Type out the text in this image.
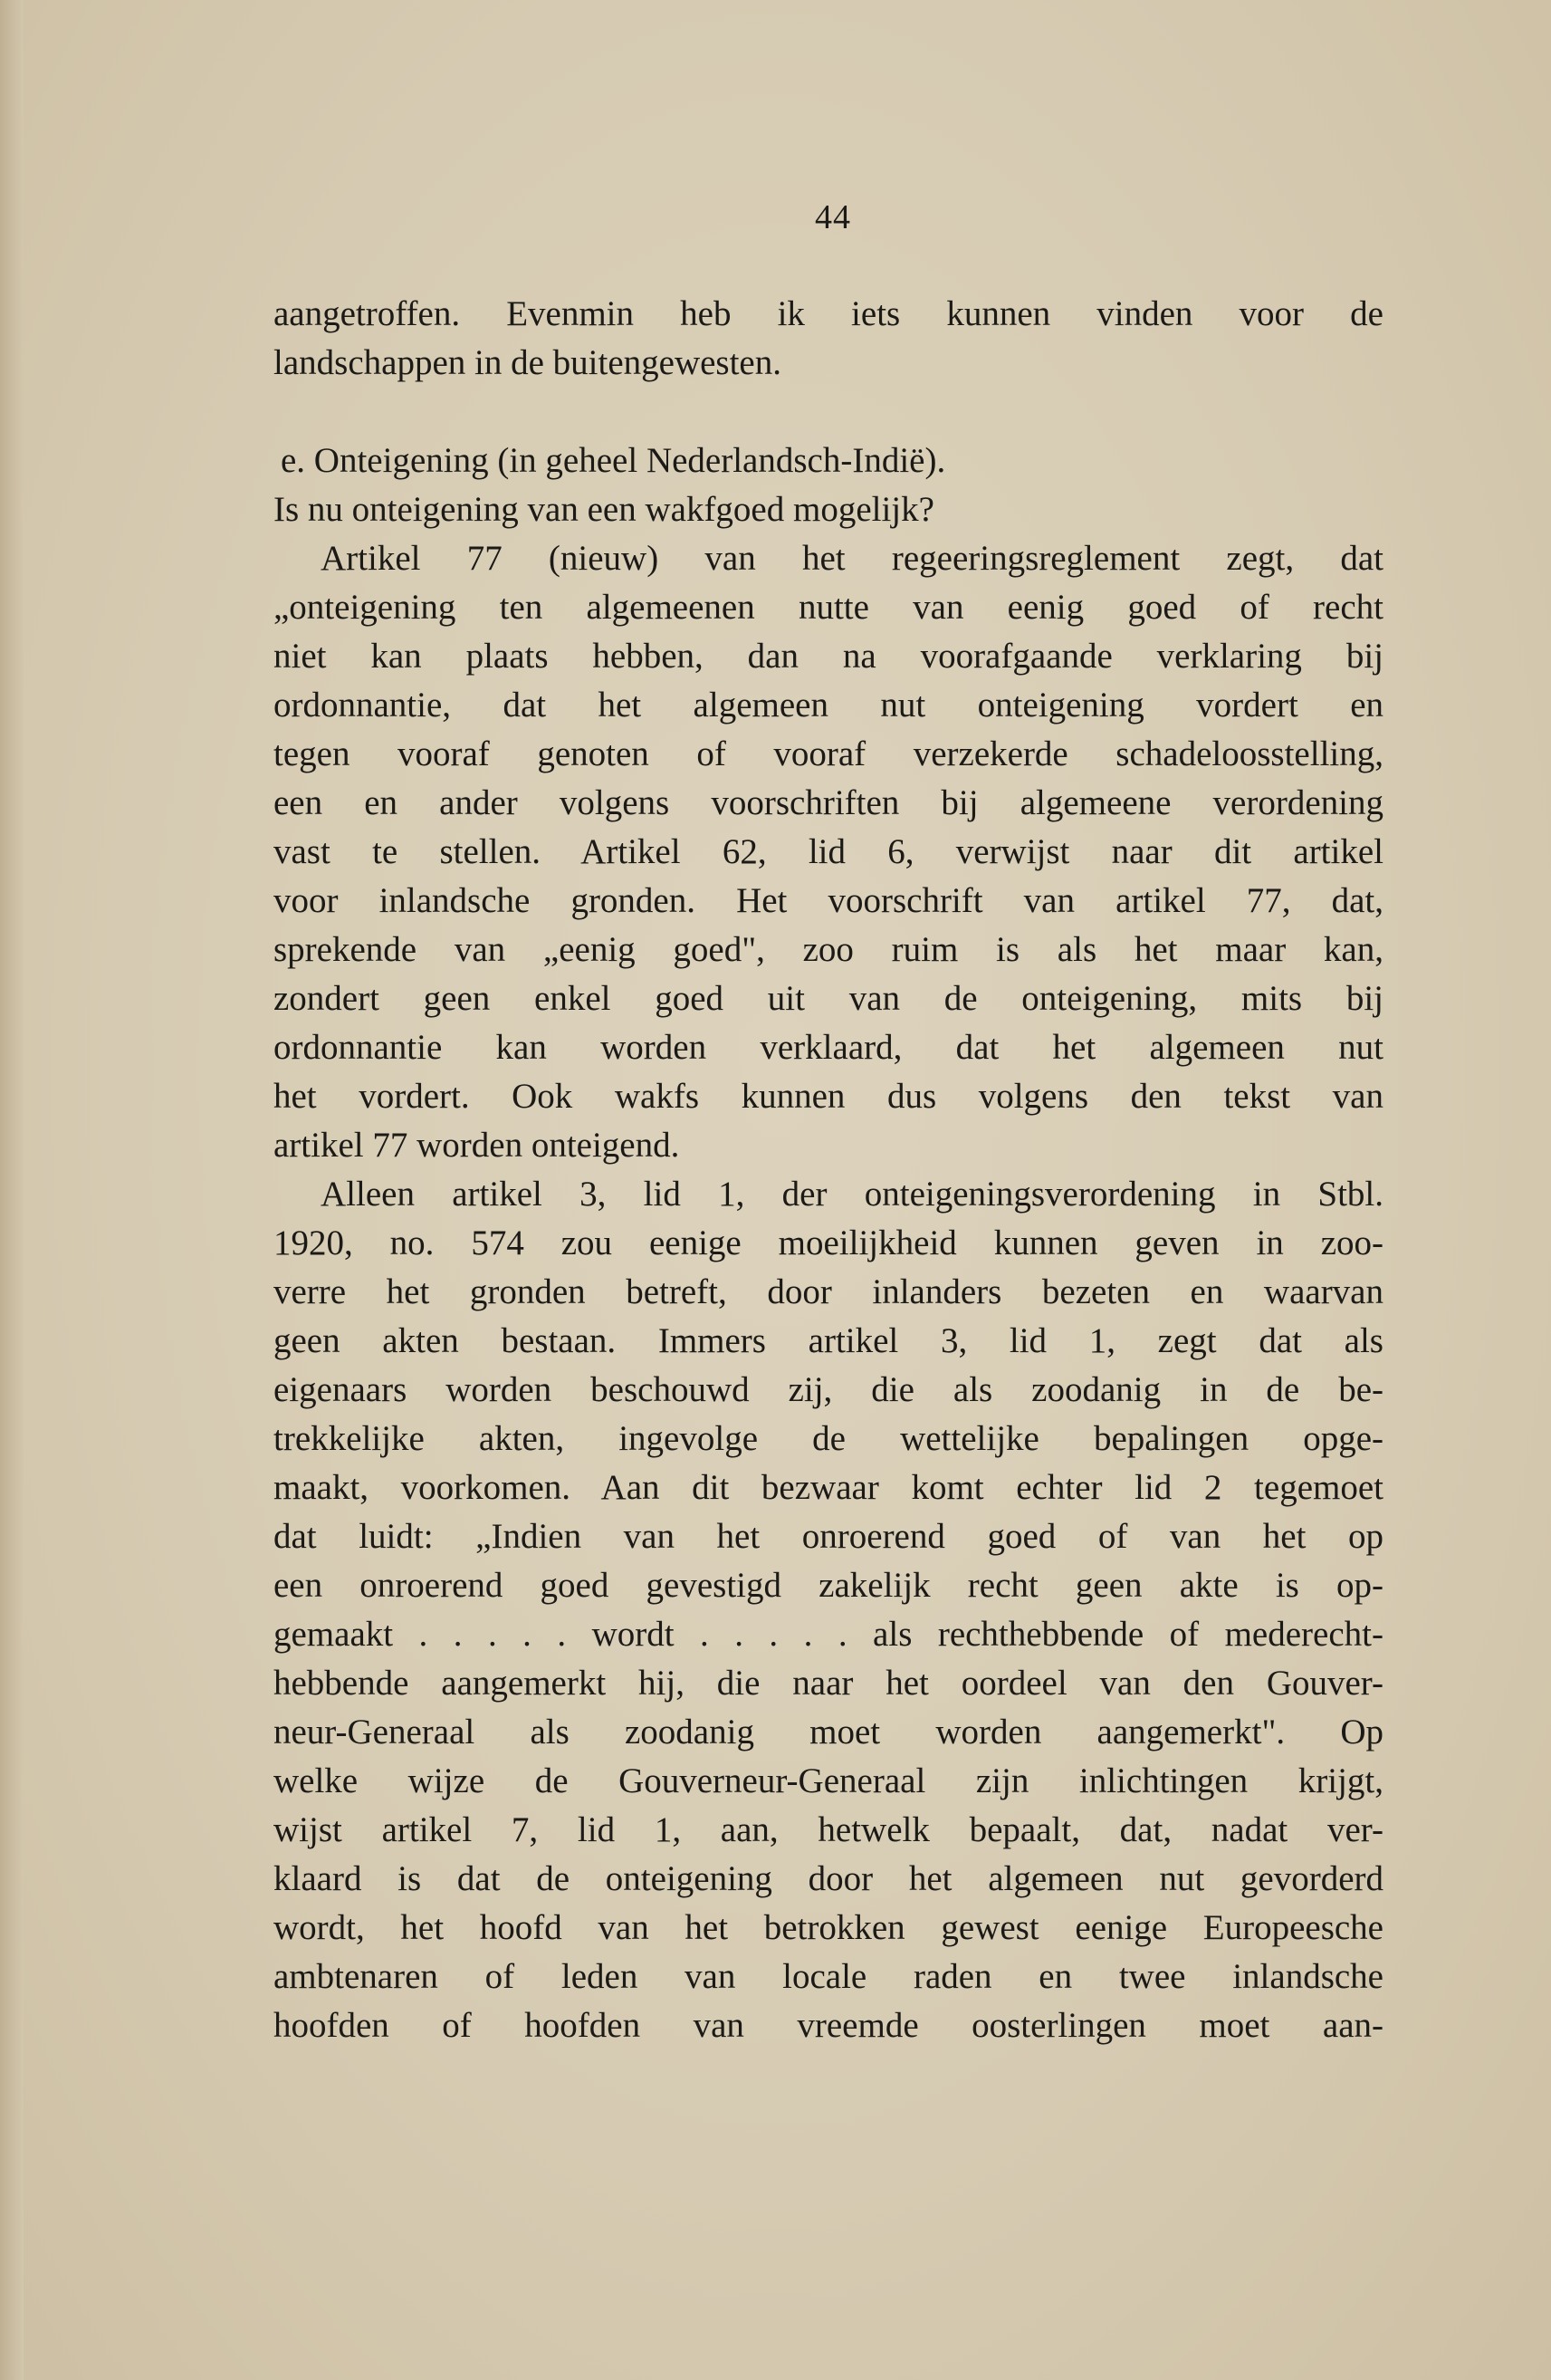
44

aangetroffen. Evenmin heb ik iets kunnen vinden voor de

landschappen in de buitengewesten.

e. Onteigening (in geheel Nederlandsch-Indië).

Is nu onteigening van een wakfgoed mogelijk?

Artikel 77 (nieuw) van het regeeringsreglement zegt, dat

„onteigening ten algemeenen nutte van eenig goed of recht

niet kan plaats hebben, dan na voorafgaande verklaring bij

ordonnantie, dat het algemeen nut onteigening vordert en

tegen vooraf genoten of vooraf verzekerde schadeloosstelling,

een en ander volgens voorschriften bij algemeene verordening

vast te stellen. Artikel 62, lid 6, verwijst naar dit artikel

voor inlandsche gronden. Het voorschrift van artikel 77, dat,

sprekende van „eenig goed", zoo ruim is als het maar kan,

zondert geen enkel goed uit van de onteigening, mits bij

ordonnantie kan worden verklaard, dat het algemeen nut

het vordert. Ook wakfs kunnen dus volgens den tekst van

artikel 77 worden onteigend.

Alleen artikel 3, lid 1, der onteigeningsverordening in Stbl.

1920, no. 574 zou eenige moeilijkheid kunnen geven in zoo-

verre het gronden betreft, door inlanders bezeten en waarvan

geen akten bestaan. Immers artikel 3, lid 1, zegt dat als

eigenaars worden beschouwd zij, die als zoodanig in de be-

trekkelijke akten, ingevolge de wettelijke bepalingen opge-

maakt, voorkomen. Aan dit bezwaar komt echter lid 2 tegemoet

dat luidt: „Indien van het onroerend goed of van het op

een onroerend goed gevestigd zakelijk recht geen akte is op-

gemaakt . . . . . wordt . . . . . als rechthebbende of mederecht-

hebbende aangemerkt hij, die naar het oordeel van den Gouver-

neur-Generaal als zoodanig moet worden aangemerkt". Op

welke wijze de Gouverneur-Generaal zijn inlichtingen krijgt,

wijst artikel 7, lid 1, aan, hetwelk bepaalt, dat, nadat ver-

klaard is dat de onteigening door het algemeen nut gevorderd

wordt, het hoofd van het betrokken gewest eenige Europeesche

ambtenaren of leden van locale raden en twee inlandsche

hoofden of hoofden van vreemde oosterlingen moet aan-
